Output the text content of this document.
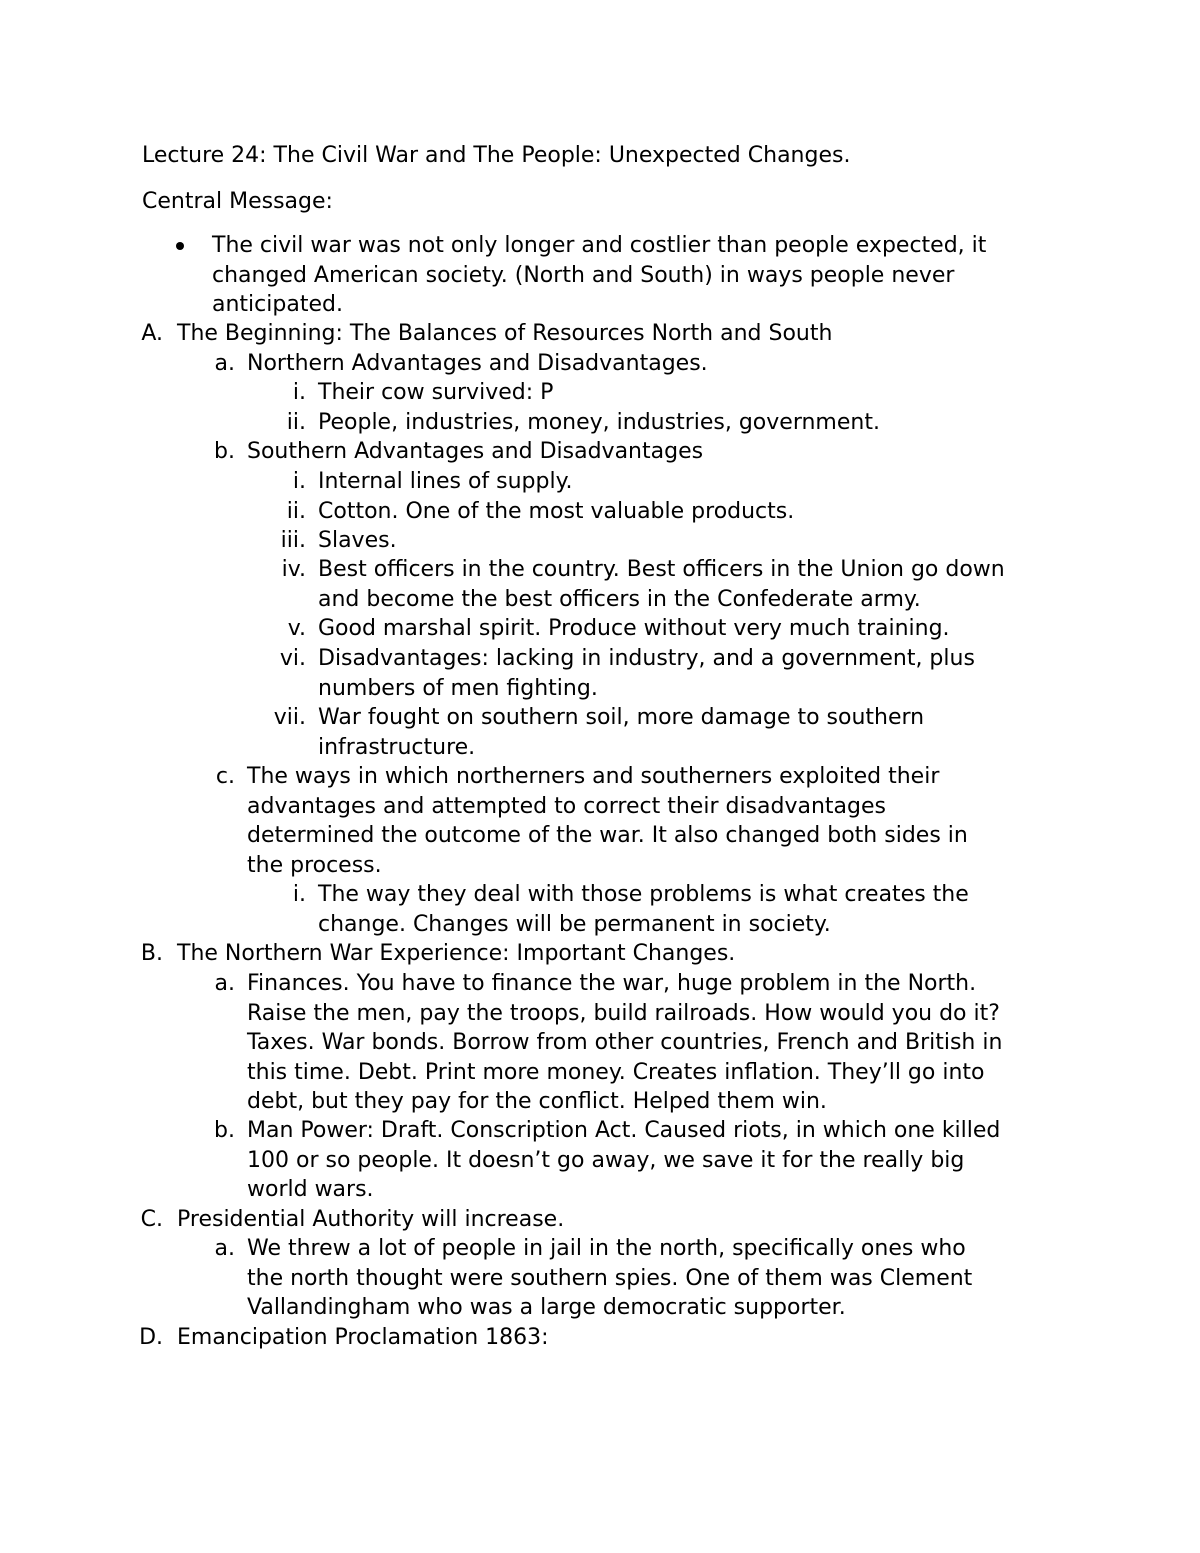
Lecture 24: The Civil War and The People: Unexpected Changes.
Central Message:
The civil war was not only longer and costlier than people expected, it
changed American society. (North and South) in ways people never
anticipated.
A. The Beginning: The Balances of Resources North and South
a. Northern Advantages and Disadvantages.
i. Their cow survived: P
ii. People, industries, money, industries, government.
b. Southern Advantages and Disadvantages
i. Internal lines of supply.
ii. Cotton. One of the most valuable products.
iii. Slaves.
iv. Best officers in the country. Best officers in the Union go down
and become the best officers in the Confederate army.
v. Good marshal spirit. Produce without very much training.
vi. Disadvantages: lacking in industry, and a government, plus
numbers of men fighting.
vii. War fought on southern soil, more damage to southern
infrastructure.
c. The ways in which northerners and southerners exploited their
advantages and attempted to correct their disadvantages
determined the outcome of the war. It also changed both sides in
the process.
i. The way they deal with those problems is what creates the
change. Changes will be permanent in society.
B. The Northern War Experience: Important Changes.
a. Finances. You have to finance the war, huge problem in the North.
Raise the men, pay the troops, build railroads. How would you do it?
Taxes. War bonds. Borrow from other countries, French and British in
this time. Debt. Print more money. Creates inflation. They’ll go into
debt, but they pay for the conflict. Helped them win.
b. Man Power: Draft. Conscription Act. Caused riots, in which one killed
100 or so people. It doesn’t go away, we save it for the really big
world wars.
C. Presidential Authority will increase.
a. We threw a lot of people in jail in the north, specifically ones who
the north thought were southern spies. One of them was Clement
Vallandingham who was a large democratic supporter.
D. Emancipation Proclamation 1863:
